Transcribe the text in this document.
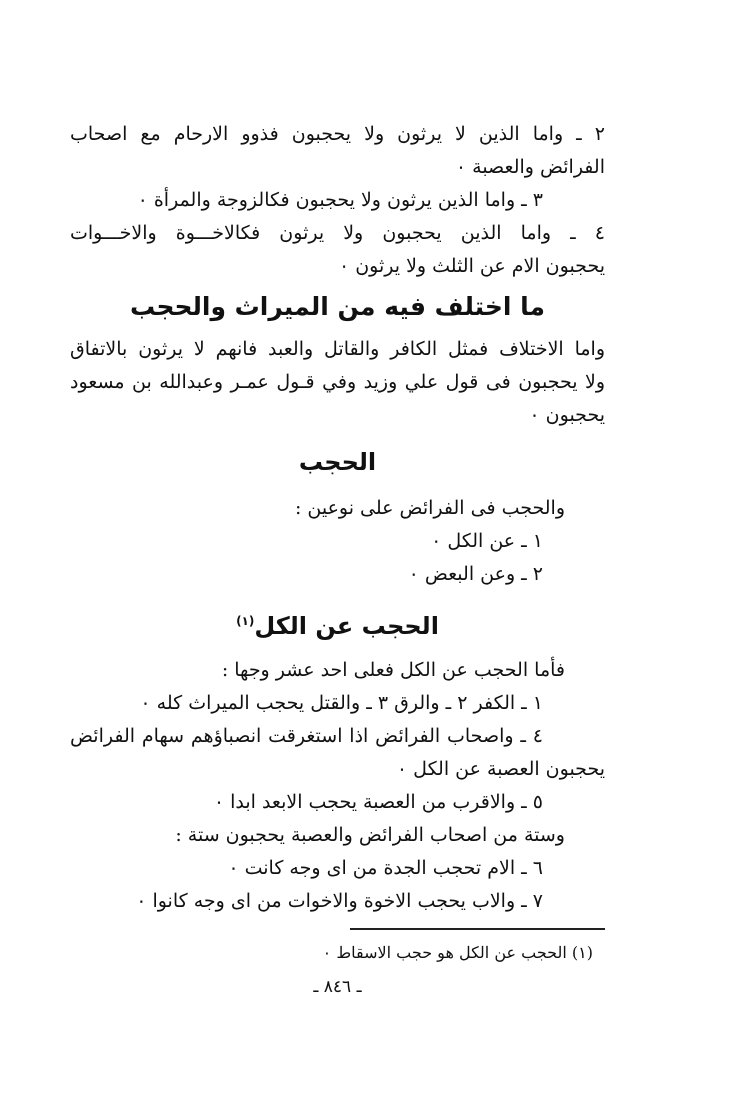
٢ ـ واما الذين لا يرثون ولا يحجبون فذوو الارحام مع اصحاب

الفرائض والعصبة ٠

٣ ـ واما الذين يرثون ولا يحجبون فكالزوجة والمرأة ٠

٤ ـ واما الذين يحجبون ولا يرثون فكالاخـــوة والاخـــوات

يحجبون الام عن الثلث ولا يرثون ٠

ما اختلف فيه من الميراث والحجب

واما الاختلاف فمثل الكافر والقاتل والعبد فانهم لا يرثون بالاتفاق

ولا يحجبون فى قول علي وزيد وفي قـول عمـر وعبدالله بن مسعود

يحجبون ٠

الحجب

والحجب فى الفرائض على نوعين :

١ ـ عن الكل ٠

٢ ـ وعن البعض ٠

الحجب عن الكل$^{(١)}$

فأما الحجب عن الكل فعلى احد عشر وجها :

١ ـ الكفر ٢ ـ والرق ٣ ـ والقتل يحجب الميراث كله ٠

٤ ـ واصحاب الفرائض اذا استغرقت انصباؤهم سهام الفرائض

يحجبون العصبة عن الكل ٠

٥ ـ والاقرب من العصبة يحجب الابعد ابدا ٠

وستة من اصحاب الفرائض والعصبة يحجبون ستة :

٦ ـ الام تحجب الجدة من اى وجه كانت ٠

٧ ـ والاب يحجب الاخوة والاخوات من اى وجه كانوا ٠

(١) الحجب عن الكل هو حجب الاسقاط ٠

ـ ٨٤٦ ـ
